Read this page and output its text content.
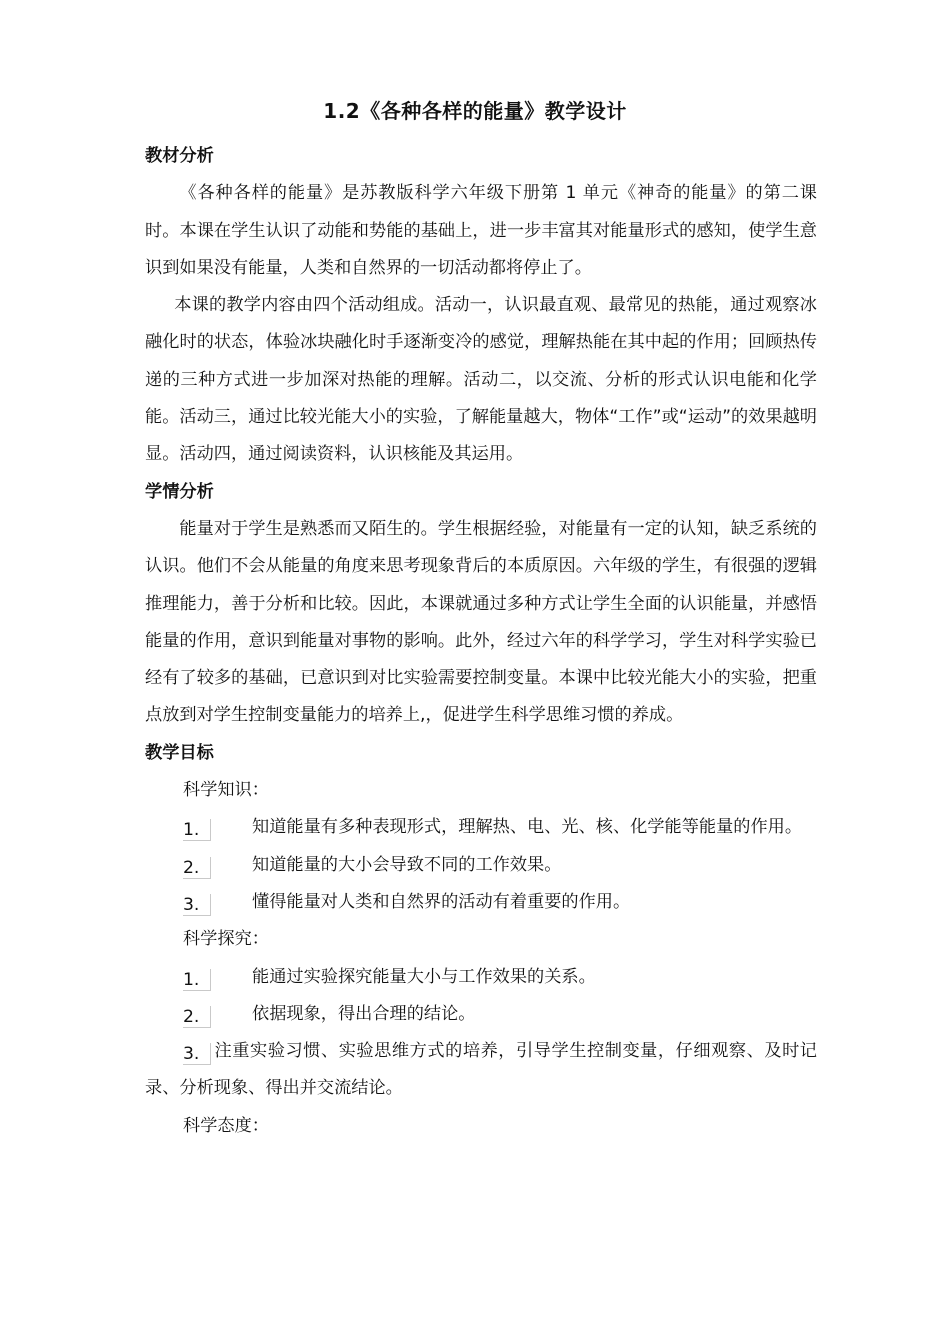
1.2《各种各样的能量》教学设计

教材分析

《各种各样的能量》是苏教版科学六年级下册第 1 单元《神奇的能量》的第二课时。本课在学生认识了动能和势能的基础上，进一步丰富其对能量形式的感知，使学生意识到如果没有能量，人类和自然界的一切活动都将停止了。

本课的教学内容由四个活动组成。活动一，认识最直观、最常见的热能，通过观察冰融化时的状态，体验冰块融化时手逐渐变冷的感觉，理解热能在其中起的作用；回顾热传递的三种方式进一步加深对热能的理解。活动二，以交流、分析的形式认识电能和化学能。活动三，通过比较光能大小的实验，了解能量越大，物体“工作”或“运动”的效果越明显。活动四，通过阅读资料，认识核能及其运用。

学情分析

能量对于学生是熟悉而又陌生的。学生根据经验，对能量有一定的认知，缺乏系统的认识。他们不会从能量的角度来思考现象背后的本质原因。六年级的学生，有很强的逻辑推理能力，善于分析和比较。因此，本课就通过多种方式让学生全面的认识能量，并感悟能量的作用，意识到能量对事物的影响。此外，经过六年的科学学习，学生对科学实验已经有了较多的基础，已意识到对比实验需要控制变量。本课中比较光能大小的实验，把重点放到对学生控制变量能力的培养上,，促进学生科学思维习惯的养成。

教学目标

科学知识：

1.	知道能量有多种表现形式，理解热、电、光、核、化学能等能量的作用。

2.	知道能量的大小会导致不同的工作效果。

3.	懂得能量对人类和自然界的活动有着重要的作用。

科学探究：

1.	能通过实验探究能量大小与工作效果的关系。

2.	依据现象，得出合理的结论。

3. 注重实验习惯、实验思维方式的培养，引导学生控制变量，仔细观察、及时记录、分析现象、得出并交流结论。

科学态度：
